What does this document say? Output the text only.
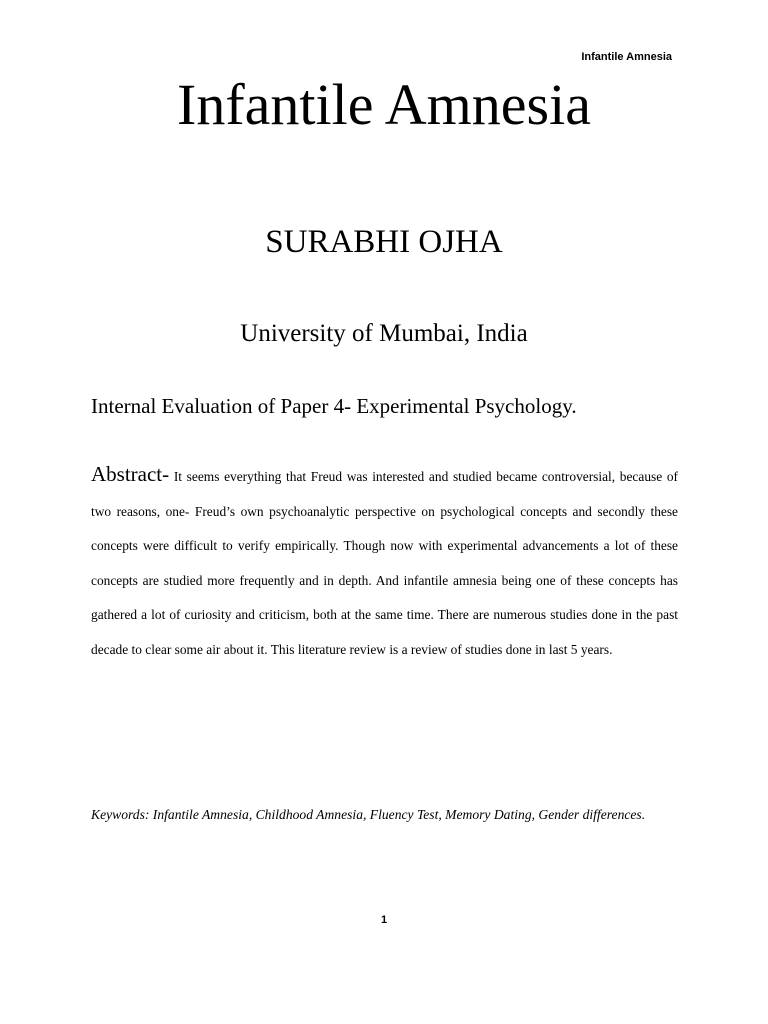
Infantile Amnesia
Infantile Amnesia
SURABHI OJHA
University of Mumbai, India
Internal Evaluation of Paper 4- Experimental Psychology.
Abstract- It seems everything that Freud was interested and studied became controversial, because of two reasons, one- Freud’s own psychoanalytic perspective on psychological concepts and secondly these concepts were difficult to verify empirically. Though now with experimental advancements a lot of these concepts are studied more frequently and in depth. And infantile amnesia being one of these concepts has gathered a lot of curiosity and criticism, both at the same time. There are numerous studies done in the past decade to clear some air about it. This literature review is a review of studies done in last 5 years.
Keywords: Infantile Amnesia, Childhood Amnesia, Fluency Test, Memory Dating, Gender differences.
1
